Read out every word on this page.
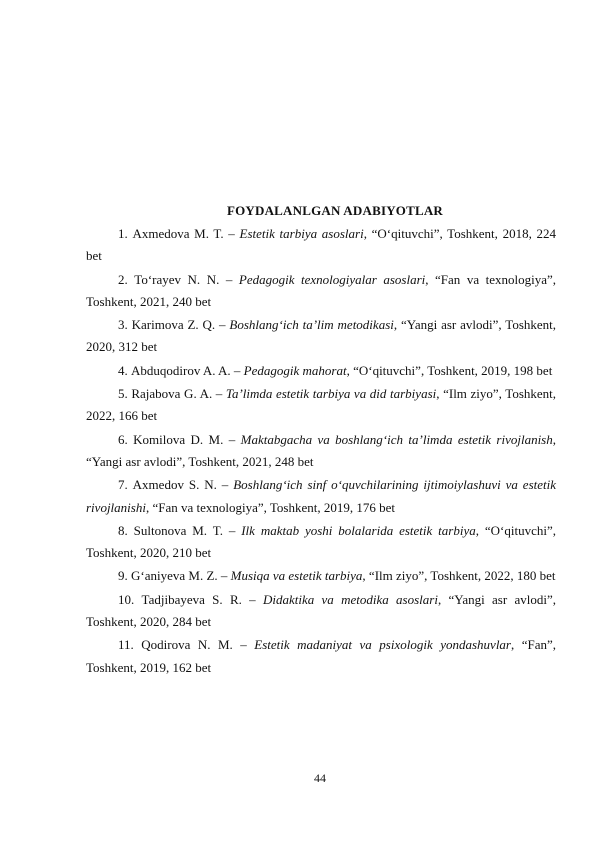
FOYDALANLGAN ADABIYOTLAR

1. Axmedova M. T. – Estetik tarbiya asoslari, “O‘qituvchi”, Toshkent, 2018, 224 bet

2. To‘rayev N. N. – Pedagogik texnologiyalar asoslari, “Fan va texnologiya”, Toshkent, 2021, 240 bet

3. Karimova Z. Q. – Boshlang‘ich ta’lim metodikasi, “Yangi asr avlodi”, Toshkent, 2020, 312 bet

4. Abduqodirov A. A. – Pedagogik mahorat, “O‘qituvchi”, Toshkent, 2019, 198 bet

5. Rajabova G. A. – Ta’limda estetik tarbiya va did tarbiyasi, “Ilm ziyo”, Toshkent, 2022, 166 bet

6. Komilova D. M. – Maktabgacha va boshlang‘ich ta’limda estetik rivojlanish, “Yangi asr avlodi”, Toshkent, 2021, 248 bet

7. Axmedov S. N. – Boshlang‘ich sinf o‘quvchilarining ijtimoiylashuvi va estetik rivojlanishi, “Fan va texnologiya”, Toshkent, 2019, 176 bet

8. Sultonova M. T. – Ilk maktab yoshi bolalarida estetik tarbiya, “O‘qituvchi”, Toshkent, 2020, 210 bet

9. G‘aniyeva M. Z. – Musiqa va estetik tarbiya, “Ilm ziyo”, Toshkent, 2022, 180 bet

10. Tadjibayeva S. R. – Didaktika va metodika asoslari, “Yangi asr avlodi”, Toshkent, 2020, 284 bet

11. Qodirova N. M. – Estetik madaniyat va psixologik yondashuvlar, “Fan”, Toshkent, 2019, 162 bet

44
